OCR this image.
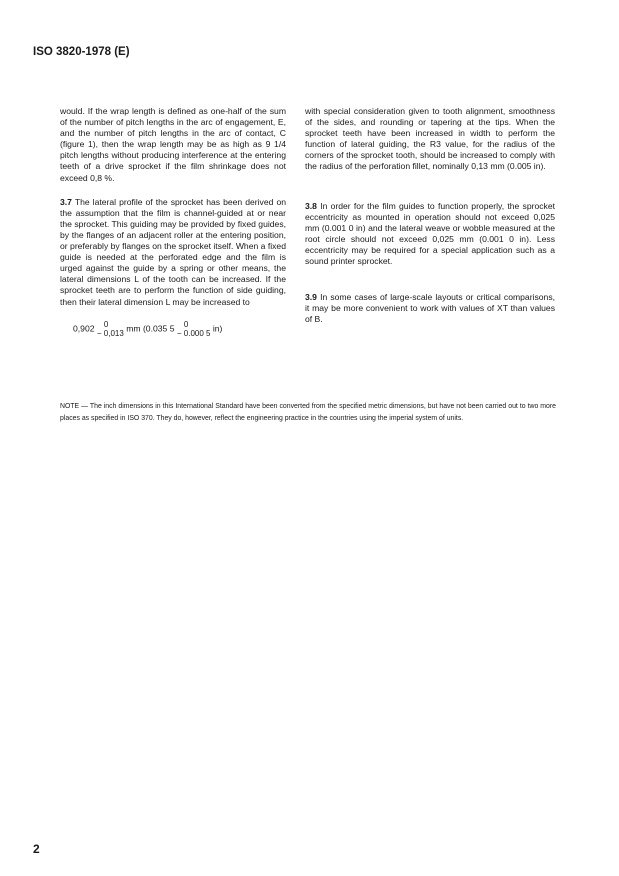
ISO 3820-1978 (E)

would. If the wrap length is defined as one-half of the sum of the number of pitch lengths in the arc of engagement, E, and the number of pitch lengths in the arc of contact, C (figure 1), then the wrap length may be as high as 9 1/4 pitch lengths without producing interference at the entering teeth of a drive sprocket if the film shrinkage does not exceed 0,8 %.

3.7 The lateral profile of the sprocket has been derived on the assumption that the film is channel-guided at or near the sprocket. This guiding may be provided by fixed guides, by the flanges of an adjacent roller at the entering position, or preferably by flanges on the sprocket itself. When a fixed guide is needed at the perforated edge and the film is urged against the guide by a spring or other means, the lateral dimensions L of the tooth can be increased. If the sprocket teeth are to perform the function of side guiding, then their lateral dimension L may be increased to

0,902	0
− 0,013
mm (0.035 5	0
− 0.000 5
in)

with special consideration given to tooth alignment, smoothness of the sides, and rounding or tapering at the tips. When the sprocket teeth have been increased in width to perform the function of lateral guiding, the R3 value, for the radius of the corners of the sprocket tooth, should be increased to comply with the radius of the perforation fillet, nominally 0,13 mm (0.005 in).

3.8 In order for the film guides to function properly, the sprocket eccentricity as mounted in operation should not exceed 0,025 mm (0.001 0 in) and the lateral weave or wobble measured at the root circle should not exceed 0,025 mm (0.001 0 in). Less eccentricity may be required for a special application such as a sound printer sprocket.

3.9 In some cases of large-scale layouts or critical comparisons, it may be more convenient to work with values of XT than values of B.

NOTE — The inch dimensions in this International Standard have been converted from the specified metric dimensions, but have not been carried out to two more places as specified in ISO 370. They do, however, reflect the engineering practice in the countries using the imperial system of units.
2
